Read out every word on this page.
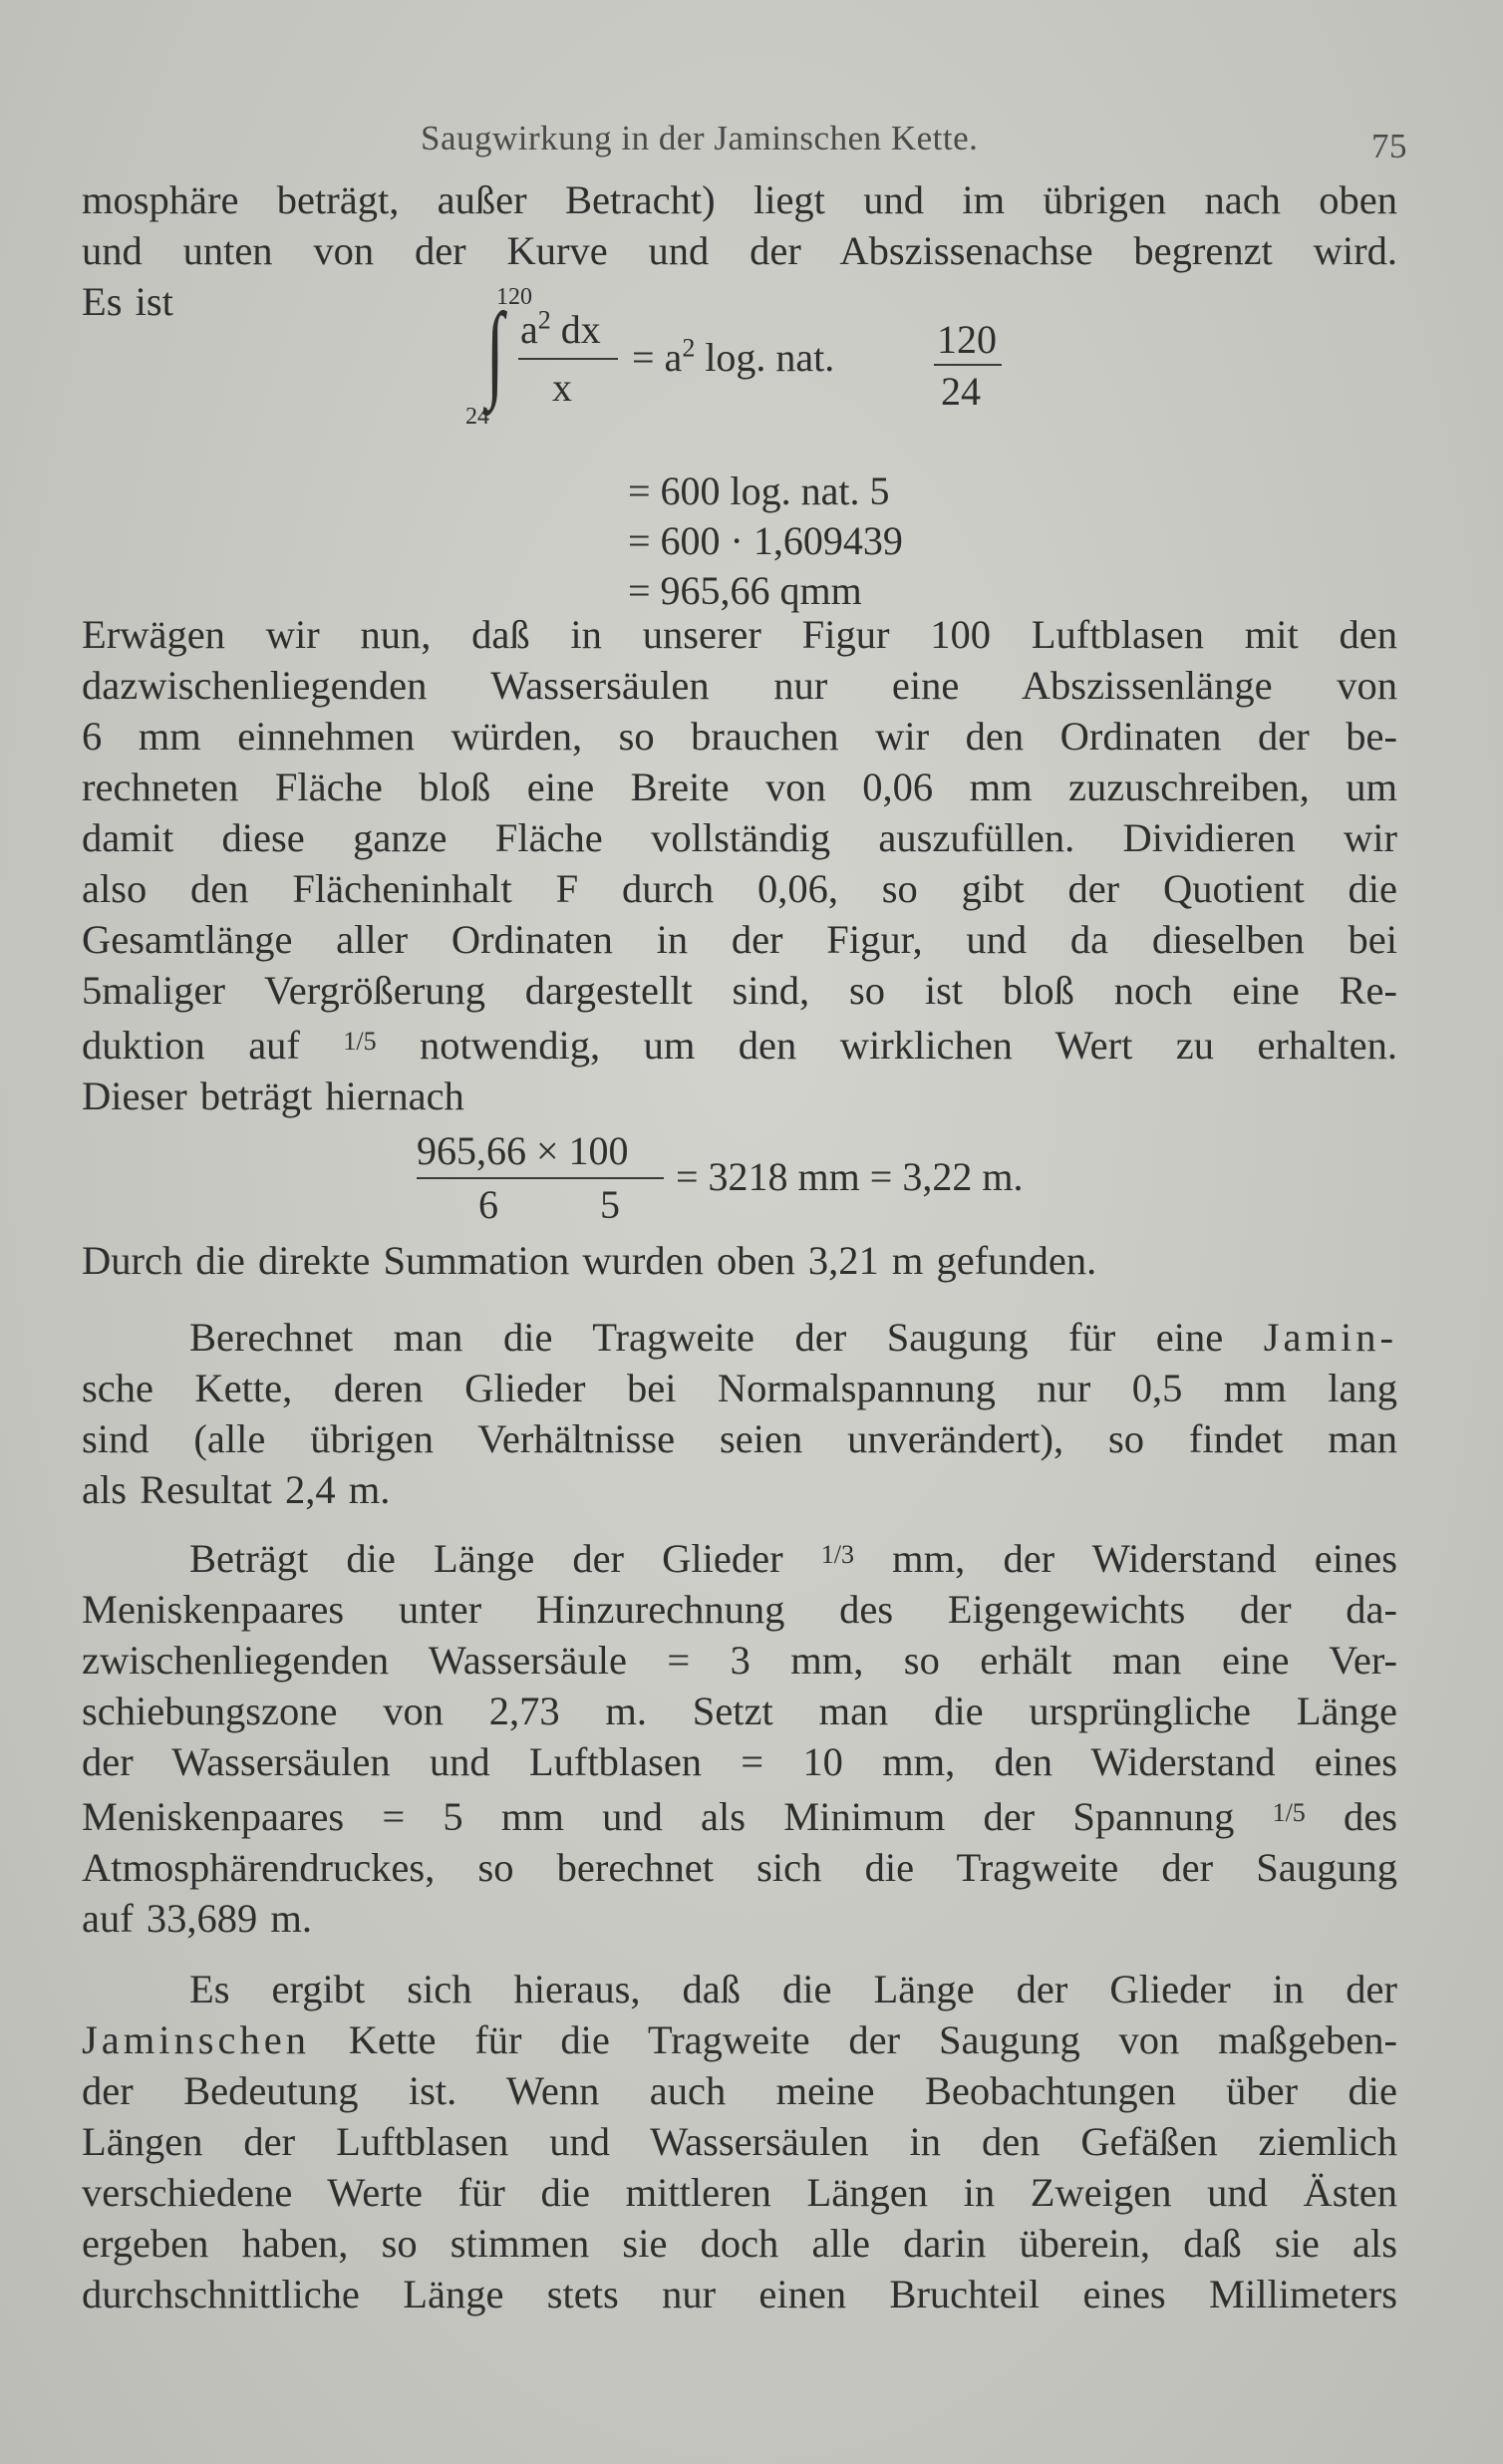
Saugwirkung in der Jaminschen Kette.	75
mosphäre beträgt, außer Betracht) liegt und im übrigen nach oben
und unten von der Kurve und der Abszissenachse begrenzt wird.
Es ist	120
∫
24
$a^2$ dx
x
= $a^2$ log. nat.	120
24
= 600 log. nat. 5
= 600 · 1,609439
= 965,66 qmm
Erwägen wir nun, daß in unserer Figur 100 Luftblasen mit den
dazwischenliegenden Wassersäulen nur eine Abszissenlänge von
6 mm einnehmen würden, so brauchen wir den Ordinaten der be-
rechneten Fläche bloß eine Breite von 0,06 mm zuzuschreiben, um
damit diese ganze Fläche vollständig auszufüllen. Dividieren wir
also den Flächeninhalt F durch 0,06, so gibt der Quotient die
Gesamtlänge aller Ordinaten in der Figur, und da dieselben bei
5maliger Vergrößerung dargestellt sind, so ist bloß noch eine Re-
duktion auf $^{1/5}$ notwendig, um den wirklichen Wert zu erhalten.
Dieser beträgt hiernach
965,66 × 100
6	5
= 3218 mm = 3,22 m.
Durch die direkte Summation wurden oben 3,21 m gefunden.
Berechnet man die Tragweite der Saugung für eine Jamin-
sche Kette, deren Glieder bei Normalspannung nur 0,5 mm lang
sind (alle übrigen Verhältnisse seien unverändert), so findet man
als Resultat 2,4 m.
Beträgt die Länge der Glieder $^{1/3}$ mm, der Widerstand eines
Meniskenpaares unter Hinzurechnung des Eigengewichts der da-
zwischenliegenden Wassersäule = 3 mm, so erhält man eine Ver-
schiebungszone von 2,73 m. Setzt man die ursprüngliche Länge
der Wassersäulen und Luftblasen = 10 mm, den Widerstand eines
Meniskenpaares = 5 mm und als Minimum der Spannung $^{1/5}$ des
Atmosphärendruckes, so berechnet sich die Tragweite der Saugung
auf 33,689 m.
Es ergibt sich hieraus, daß die Länge der Glieder in der
Jaminschen Kette für die Tragweite der Saugung von maßgeben-
der Bedeutung ist. Wenn auch meine Beobachtungen über die
Längen der Luftblasen und Wassersäulen in den Gefäßen ziemlich
verschiedene Werte für die mittleren Längen in Zweigen und Ästen
ergeben haben, so stimmen sie doch alle darin überein, daß sie als
durchschnittliche Länge stets nur einen Bruchteil eines Millimeters
